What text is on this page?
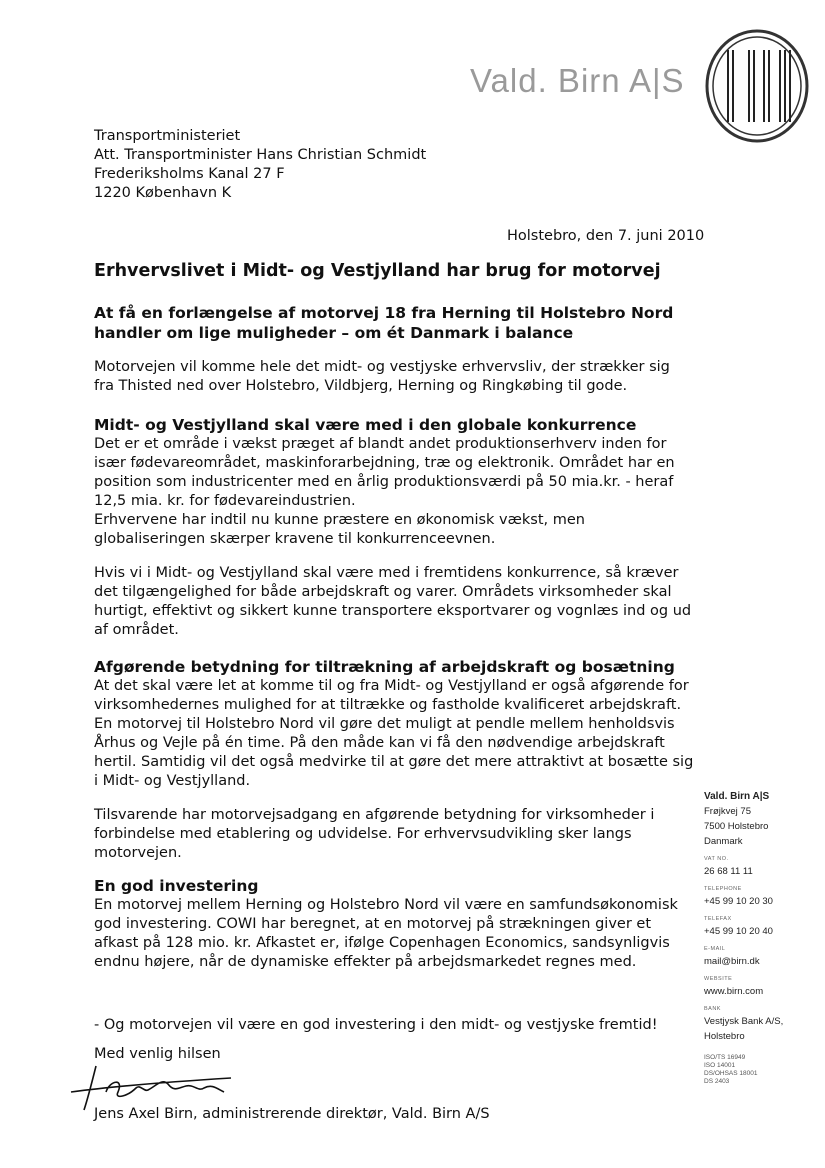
Vald. Birn A|S
Transportministeriet
Att. Transportminister Hans Christian Schmidt
Frederiksholms Kanal 27 F
1220 København K
Holstebro, den 7. juni 2010
Erhvervslivet i Midt- og Vestjylland har brug for motorvej
At få en forlængelse af motorvej 18 fra Herning til Holstebro Nord handler om lige muligheder – om ét Danmark i balance
Motorvejen vil komme hele det midt- og vestjyske erhvervsliv, der strækker sig fra Thisted ned over Holstebro, Vildbjerg, Herning og Ringkøbing til gode.
Midt- og Vestjylland skal være med i den globale konkurrence
Det er et område i vækst præget af blandt andet produktionserhverv inden for især fødevareområdet, maskinforarbejdning, træ og elektronik. Området har en position som industricenter med en årlig produktionsværdi på 50 mia.kr. - heraf 12,5 mia. kr. for fødevareindustrien.
Erhvervene har indtil nu kunne præstere en økonomisk vækst, men globaliseringen skærper kravene til konkurrenceevnen.
Hvis vi i Midt- og Vestjylland skal være med i fremtidens konkurrence, så kræver det tilgængelighed for både arbejdskraft og varer. Områdets virksomheder skal hurtigt, effektivt og sikkert kunne transportere eksportvarer og vognlæs ind og ud af området.
Afgørende betydning for tiltrækning af arbejdskraft og bosætning
At det skal være let at komme til og fra Midt- og Vestjylland er også afgørende for virksomhedernes mulighed for at tiltrække og fastholde kvalificeret arbejdskraft. En motorvej til Holstebro Nord vil gøre det muligt at pendle mellem henholdsvis Århus og Vejle på én time. På den måde kan vi få den nødvendige arbejdskraft hertil. Samtidig vil det også medvirke til at gøre det mere attraktivt at bosætte sig i Midt- og Vestjylland.
Tilsvarende har motorvejsadgang en afgørende betydning for virksomheder i forbindelse med etablering og udvidelse. For erhvervsudvikling sker langs motorvejen.
En god investering
En motorvej mellem Herning og Holstebro Nord vil være en samfundsøkonomisk god investering. COWI har beregnet, at en motorvej på strækningen giver et afkast på 128 mio. kr. Afkastet er, ifølge Copenhagen Economics, sandsynligvis endnu højere, når de dynamiske effekter på arbejdsmarkedet regnes med.
- Og motorvejen vil være en god investering i den midt- og vestjyske fremtid!
Med venlig hilsen
Jens Axel Birn, administrerende direktør, Vald. Birn A/S
Vald. Birn A|S
Frøjkvej 75
7500 Holstebro
Danmark
VAT NO.
26 68 11 11
TELEPHONE
+45 99 10 20 30
TELEFAX
+45 99 10 20 40
E-MAIL
mail@birn.dk
WEBSITE
www.birn.com
BANK
Vestjysk Bank A/S,
Holstebro
ISO/TS 16949
ISO 14001
DS/OHSAS 18001
DS 2403
